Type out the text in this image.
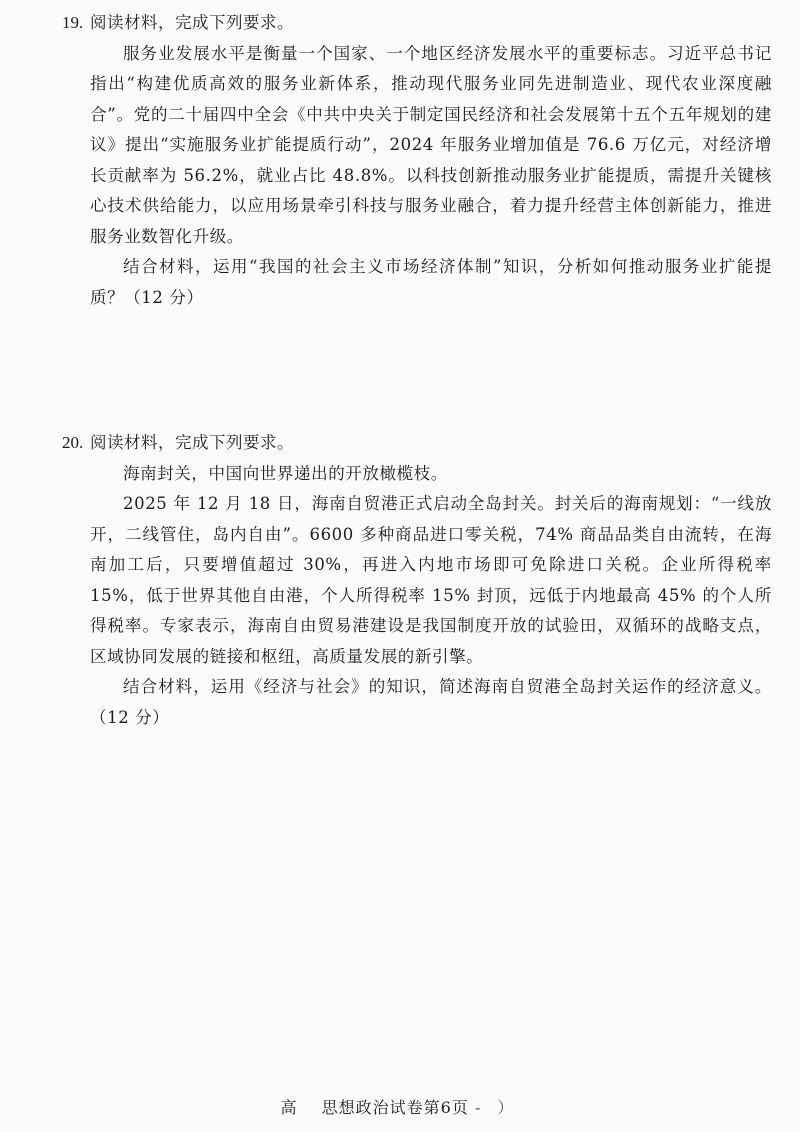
19. 阅读材料，完成下列要求。

服务业发展水平是衡量一个国家、一个地区经济发展水平的重要标志。习近平总书记指出“构建优质高效的服务业新体系，推动现代服务业同先进制造业、现代农业深度融合”。党的二十届四中全会《中共中央关于制定国民经济和社会发展第十五个五年规划的建议》提出“实施服务业扩能提质行动”，2024 年服务业增加值是 76.6 万亿元，对经济增长贡献率为 56.2%，就业占比 48.8%。以科技创新推动服务业扩能提质，需提升关键核心技术供给能力，以应用场景牵引科技与服务业融合，着力提升经营主体创新能力，推进服务业数智化升级。

结合材料，运用“我国的社会主义市场经济体制”知识，分析如何推动服务业扩能提质？（12 分）

20. 阅读材料，完成下列要求。

海南封关，中国向世界递出的开放橄榄枝。

2025 年 12 月 18 日，海南自贸港正式启动全岛封关。封关后的海南规划：“一线放开，二线管住，岛内自由”。6600 多种商品进口零关税，74% 商品品类自由流转，在海南加工后，只要增值超过 30%，再进入内地市场即可免除进口关税。企业所得税率 15%，低于世界其他自由港，个人所得税率 15% 封顶，远低于内地最高 45% 的个人所得税率。专家表示，海南自由贸易港建设是我国制度开放的试验田，双循环的战略支点，区域协同发展的链接和枢纽，高质量发展的新引擎。

结合材料，运用《经济与社会》的知识，简述海南自贸港全岛封关运作的经济意义。（12 分）

高 思想政治试卷第6页 - ）
